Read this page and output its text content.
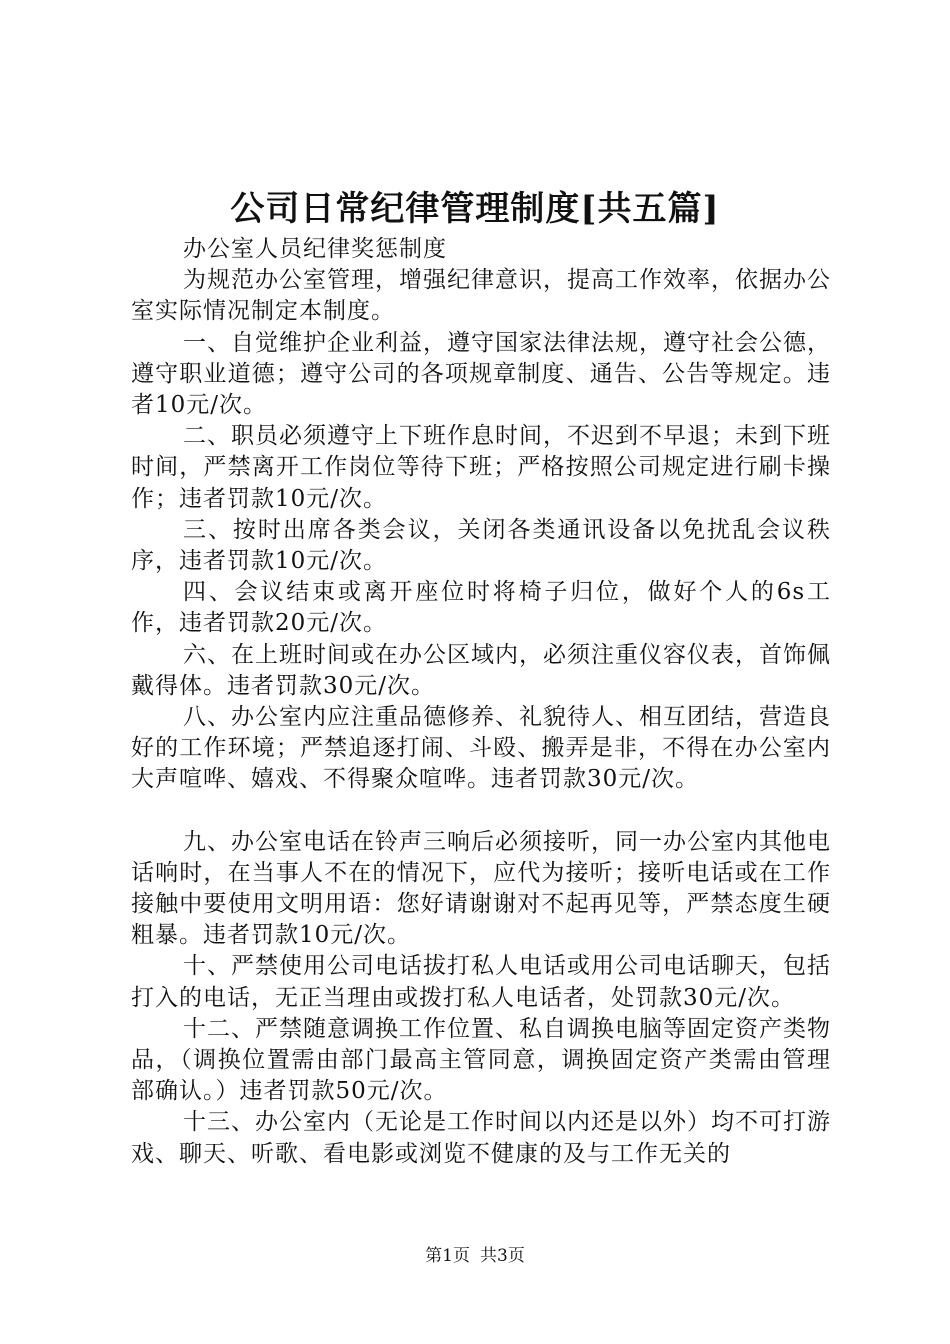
公司日常纪律管理制度[共五篇]

办公室人员纪律奖惩制度

为规范办公室管理，增强纪律意识，提高工作效率，依据办公室实际情况制定本制度。

一、自觉维护企业利益，遵守国家法律法规，遵守社会公德，遵守职业道德；遵守公司的各项规章制度、通告、公告等规定。违者10元/次。

二、职员必须遵守上下班作息时间，不迟到不早退；未到下班时间，严禁离开工作岗位等待下班；严格按照公司规定进行刷卡操作；违者罚款10元/次。

三、按时出席各类会议，关闭各类通讯设备以免扰乱会议秩序，违者罚款10元/次。

四、会议结束或离开座位时将椅子归位，做好个人的6s工作，违者罚款20元/次。

六、在上班时间或在办公区域内，必须注重仪容仪表，首饰佩戴得体。违者罚款30元/次。

八、办公室内应注重品德修养、礼貌待人、相互团结，营造良好的工作环境；严禁追逐打闹、斗殴、搬弄是非，不得在办公室内大声喧哗、嬉戏、不得聚众喧哗。违者罚款30元/次。

九、办公室电话在铃声三响后必须接听，同一办公室内其他电话响时，在当事人不在的情况下，应代为接听；接听电话或在工作接触中要使用文明用语：您好请谢谢对不起再见等，严禁态度生硬粗暴。违者罚款10元/次。

十、严禁使用公司电话拔打私人电话或用公司电话聊天，包括打入的电话，无正当理由或拨打私人电话者，处罚款30元/次。

十二、严禁随意调换工作位置、私自调换电脑等固定资产类物品，（调换位置需由部门最高主管同意，调换固定资产类需由管理部确认。）违者罚款50元/次。

十三、办公室内（无论是工作时间以内还是以外）均不可打游戏、聊天、听歌、看电影或浏览不健康的及与工作无关的

第1页 共3页
